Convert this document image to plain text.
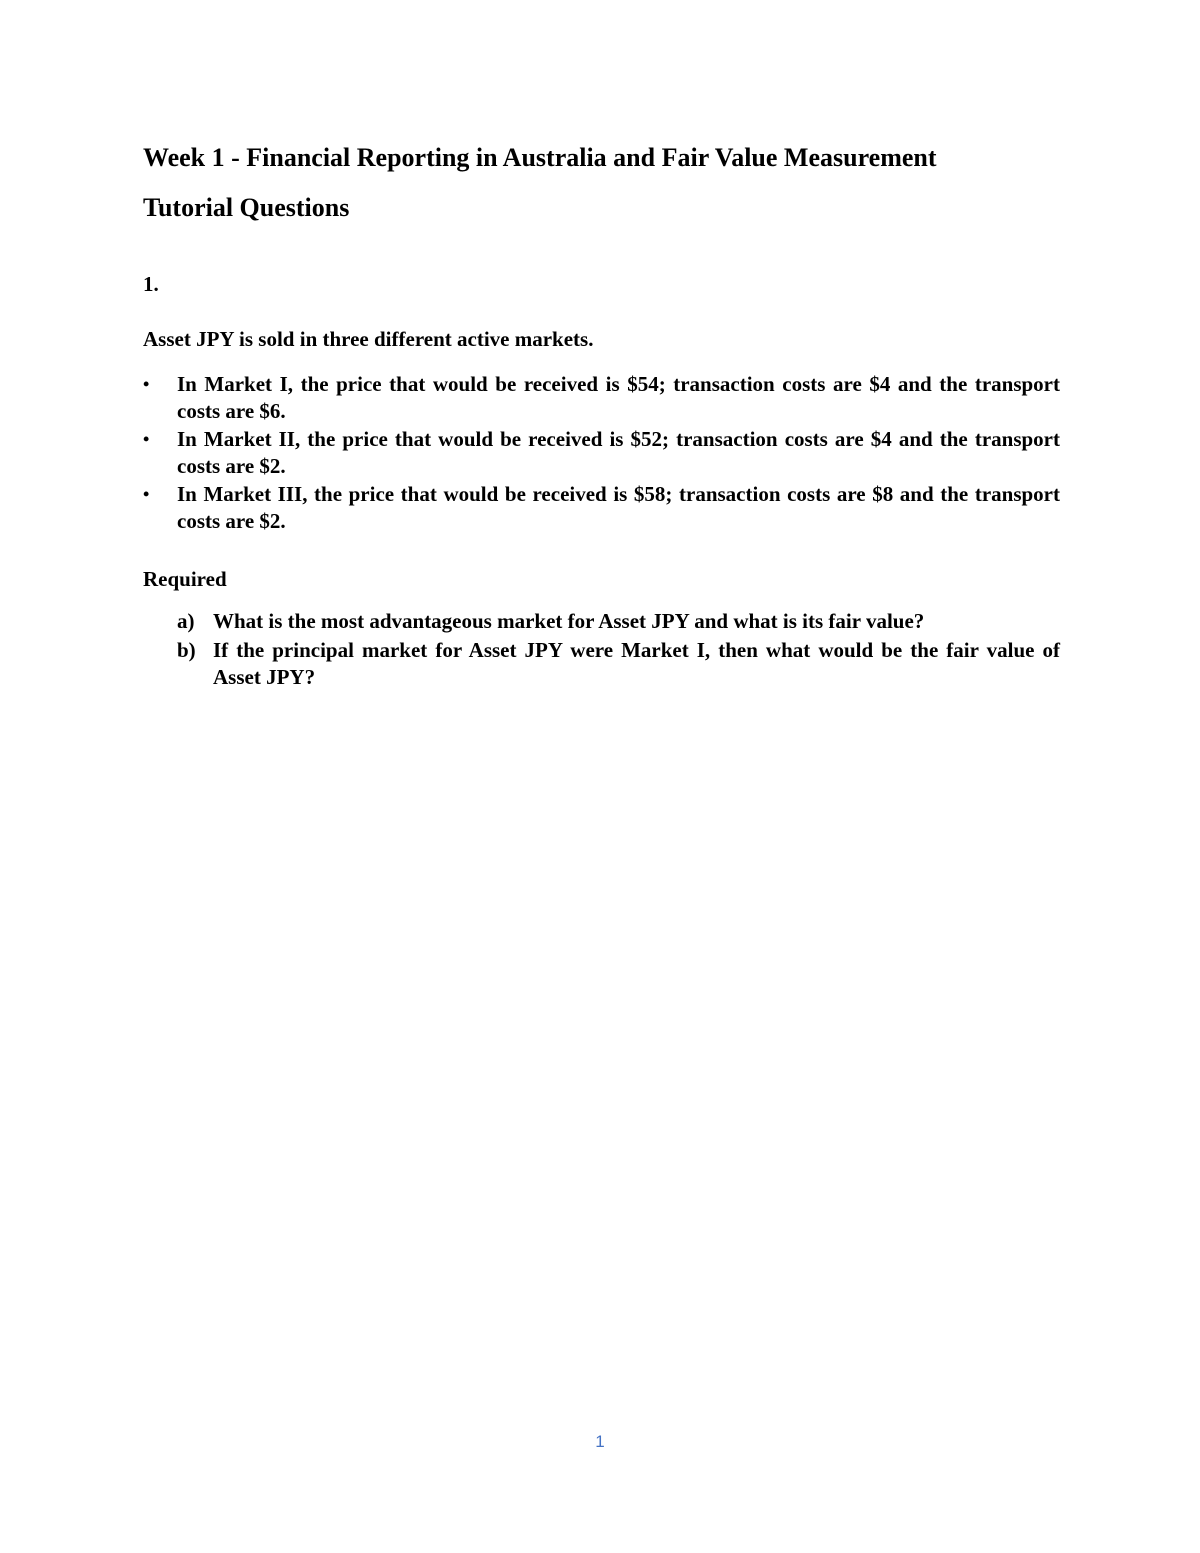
Week 1 - Financial Reporting in Australia and Fair Value Measurement
Tutorial Questions

1.

Asset JPY is sold in three different active markets.

• In Market I, the price that would be received is $54; transaction costs are $4 and the transport costs are $6.
• In Market II, the price that would be received is $52; transaction costs are $4 and the transport costs are $2.
• In Market III, the price that would be received is $58; transaction costs are $8 and the transport costs are $2.

Required

a) What is the most advantageous market for Asset JPY and what is its fair value?
b) If the principal market for Asset JPY were Market I, then what would be the fair value of Asset JPY?
1
